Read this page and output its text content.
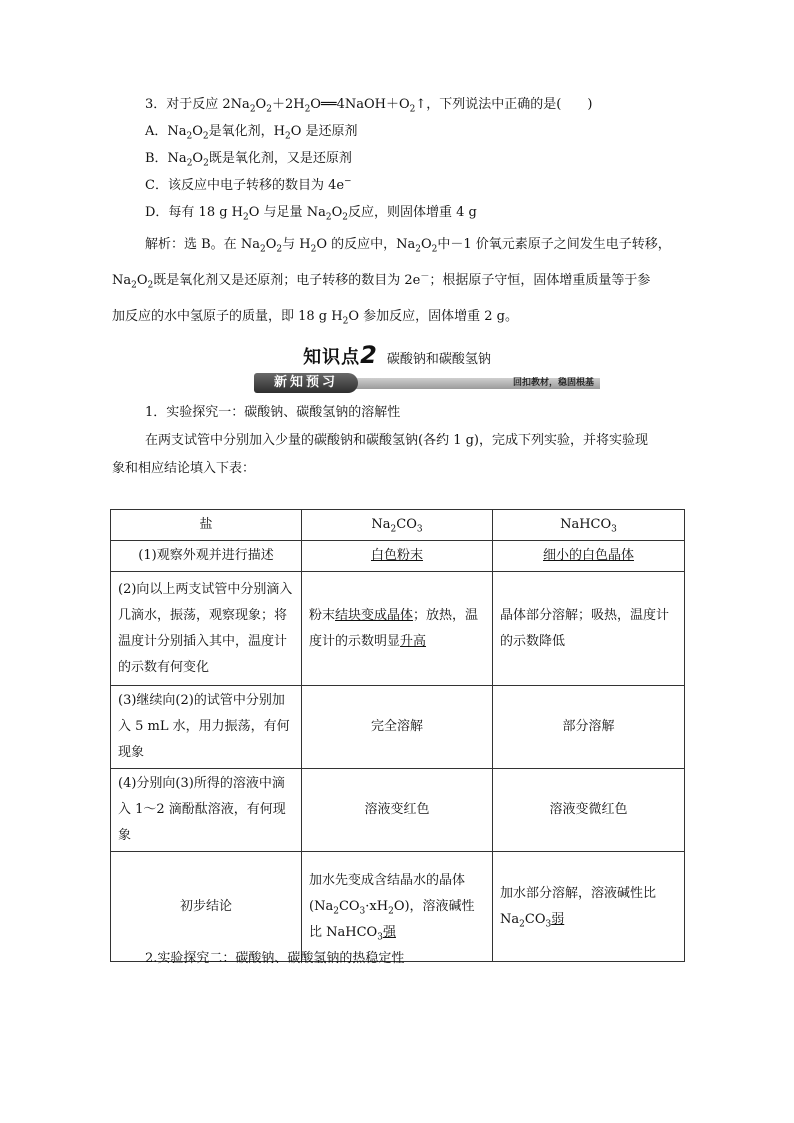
3．对于反应 $2Na_2O_2+2H_2O══4NaOH+O_2↑$，下列说法中正确的是(　　)
A．$Na_2O_2$是氧化剂，$H_2O$ 是还原剂
B．$Na_2O_2$既是氧化剂，又是还原剂
C．该反应中电子转移的数目为 4e−
D．每有 18 g $H_2O$ 与足量 $Na_2O_2$反应，则固体增重 4 g
解析：选 B。在 $Na_2O_2$与 $H_2O$ 的反应中，$Na_2O_2$中－1 价氧元素原子之间发生电子转移，
$Na_2O_2$既是氧化剂又是还原剂；电子转移的数目为 2e－；根据原子守恒，固体增重质量等于参
加反应的水中氢原子的质量，即 18 g $H_2O$ 参加反应，固体增重 2 g。
知识点2 碳酸钠和碳酸氢钠
新知预习	回扣教材，稳固根基
1．实验探究一：碳酸钠、碳酸氢钠的溶解性
在两支试管中分别加入少量的碳酸钠和碳酸氢钠(各约 1 g)，完成下列实验，并将实验现
象和相应结论填入下表：
盐	$Na_2CO_3$	NaHCO$_3$
(1)观察外观并进行描述	白色粉末	细小的白色晶体
(2)向以上两支试管中分别滴入几滴水，振荡，观察现象；将温度计分别插入其中，温度计的示数有何变化	粉末结块变成晶体；放热，温度计的示数明显升高	晶体部分溶解；吸热，温度计的示数降低
(3)继续向(2)的试管中分别加入 5 mL 水，用力振荡，有何现象	完全溶解	部分溶解
(4)分别向(3)所得的溶液中滴入 1～2 滴酚酞溶液，有何现象	溶液变红色	溶液变微红色
初步结论	加水先变成含结晶水的晶体$(Na_2CO_3\cdot xH_2O)$，溶液碱性比 NaHCO$_3$强	加水部分溶解，溶液碱性比 $Na_2CO_3$弱
2.实验探究二：碳酸钠、碳酸氢钠的热稳定性
